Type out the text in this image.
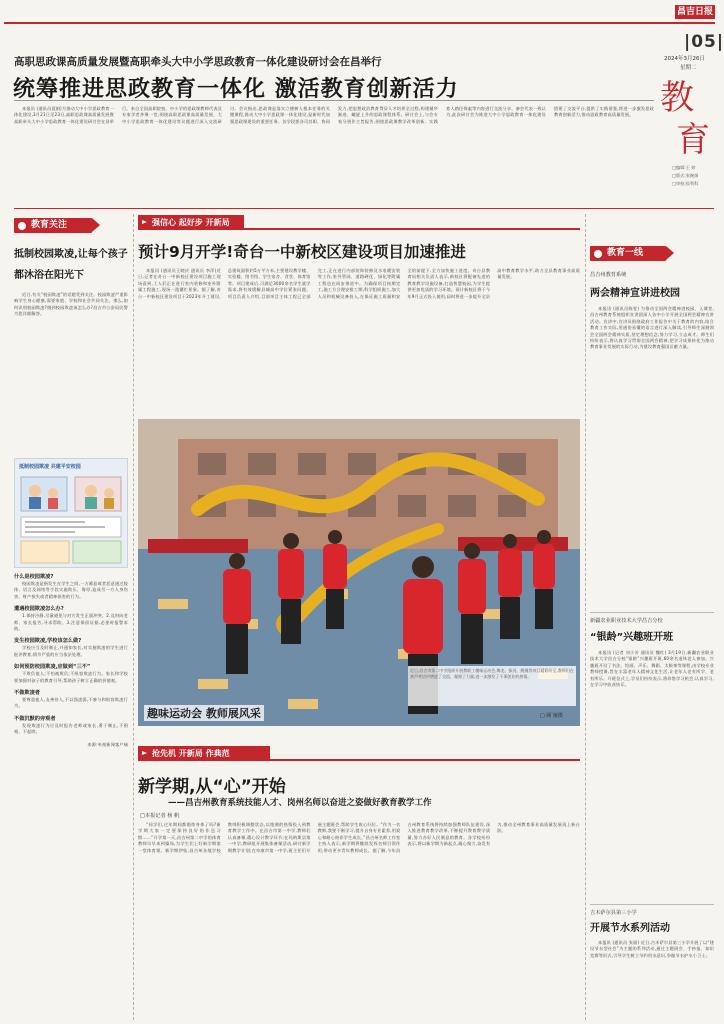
昌吉日报
|05|
2024年3月26日
星期二
教
育
□编辑:王 婷
□版式:张婉娟
□审校:侯利科
高职思政课高质量发展暨高职牵头大中小学思政教育一体化建设研讨会在昌举行
统筹推进思政教育一体化 激活教育创新活力
本报讯 (通讯员聂娟)为推动大中小学思政教育一体化建设,3月21日至23日,高职思政课高质量发展暨高职牵头大中小学思政教育一体化建设研讨会在昌举行。来自全国高职院校、中小学的思政课教师代表及专家学者齐聚一堂,围绕高职思政课高质量发展、大中小学思政教育一体化建设等议题进行深入交流研讨。会议指出,思政课是落实立德树人根本任务的关键课程,推动大中小学思政课一体化建设,是新时代加强思政课建设的重要任务。各学段要各司其职、协同发力,把思想政治教育贯穿人才培养全过程,构建循序渐进、螺旋上升的思政课程体系。研讨会上,与会专家分别作主旨报告,围绕思政课教学改革创新、实践育人路径探索等内容进行交流分享。参会代表一致认为,此次研讨会为推进大中小学思政教育一体化建设搭建了交流平台,提供了实践借鉴,将进一步激发思政教育创新活力,推动思政教育高质量发展。
教育关注
抵制校园欺凌,让每个孩子都沐浴在阳光下
近日,有关“校园欺凌”的话题受到关注。校园欺凌严重影响学生身心健康,需要家庭、学校和社会共同关注。那么,如何识别校园欺凌?遇到校园欺凌该怎么办?昌吉市公安局民警为您详细解答。
抵制校园欺凌 共建平安校园
什么是校园欺凌?
校园欺凌是指发生在学生之间,一方蓄意或者恶意通过肢体、语言及网络等手段实施欺压、侮辱,造成另一方人身伤害、财产损失或者精神损害的行为。
遭遇校园欺凌怎么办?
1.保持冷静,尽量避免与对方发生正面冲突。2.及时向老师、家长报告,寻求帮助。3.注意保留证据,必要时报警求助。
发生校园欺凌,学校该怎么做?
学校应当及时制止,并通知家长,对实施欺凌的学生进行批评教育,情节严重的应当依法处理。
如何预防校园欺凌,应做到“三不”
不欺负他人;不怕被欺负;不纵容欺凌行为。家长和学校要加强对孩子的教育引导,帮助孩子树立正确的价值观。
不做欺凌者
要尊重他人,友善待人,不以强凌弱,不参与和纵容欺凌行为。
不做沉默的旁观者
发现欺凌行为应及时报告老师或家长,勇于制止,不围观、不起哄。
来源:央视新闻客户端
强信心 起好步 开新局
预计9月开学!奇台一中新校区建设项目加速推进
本报讯 (通讯员王晓庆 通讯员 李萍)近日,记者在奇台一中新校区建设项目施工现场看到,工人们正在进行室内装修和室外附属工程施工,现场一派繁忙景象。据了解,奇台一中新校区建设项目于2023年开工建设,总建筑面积约5万平方米,主要建设教学楼、实验楼、图书馆、学生宿舍、食堂、体育馆等。项目建成后,可满足3000余名学生就学需求,将有效缓解县城高中学位紧张问题。项目负责人介绍,目前项目主体工程已全部完工,正在进行内部装饰装修及水电暖安装等工作,室外管网、道路硬化、绿化等附属工程也在同步推进中。为确保项目按期完工,施工方合理安排工期,科学组织施工,加大人员和机械设备投入,在保证施工质量和安全的前提下,全力加快施工进度。奇台县教育局相关负责人表示,新校区将配备先进的教育教学设施设备,打造智慧校园,为学生提供更加优质的学习环境。预计新校区将于今年9月正式投入使用,届时将进一步提升全县高中教育教学水平,助力全县教育事业高质量发展。
趣味运动会 教师展风采
近日,昌吉市第二中学组织开展教职工趣味运动会,舞龙、拔河、跳绳等项目精彩纷呈,教师们在欢声笑语中增进了交流、凝聚了力量,进一步激发了干事创业的热情。
□ 顾 娅摄
抢先机 开新局 作典范
新学期,从“心”开始
——昌吉州教育系统技能人才、岗州名师以奋进之姿做好教育教学工作
□本报记者 杨 帆
“同学们,过年期间都锻炼身体了吗?新学期大家一定要保持良好的作息习惯……”开学第一天,昌吉州第二中学的体育教师早早来到操场,为学生们上好新学期第一堂体育课。新学期伊始,昌吉州各地学校教师积极调整状态,以饱满的热情投入到教育教学工作中。在昌吉市第一中学,教师们认真备课,精心设计教学环节;在玛纳斯县第一中学,教研组开展集体备课活动,研讨新学期教学计划;在阜康市第一中学,班主任们开展主题班会,帮助学生收心归位。“作为一名教师,我要不断学习,提升自身专业素养,用爱心和耐心陪伴学生成长。”昌吉州名师工作室主持人表示,新学期将继续发挥名师引领作用,带动更多青年教师成长。据了解,今年昌吉州教育系统将持续加强教师队伍建设,深入推进教育教学改革,不断提升教育教学质量,努力办好人民满意的教育。各学校纷纷表示,将以新学期为新起点,凝心聚力,奋发有为,推动全州教育事业高质量发展再上新台阶。
教育一线
昌吉州教育系统
两会精神宣讲进校园
本报讯 (通讯员陈雯) 为推动全国两会精神进校园、入课堂,昌吉州教育系统组织宣讲团深入各中小学开展全国两会精神宣讲活动。宣讲中,宣讲员围绕政府工作报告中关于教育的内容,结合教育工作实际,用通俗易懂的语言进行深入解读,引导师生深刻领会全国两会精神实质,坚定理想信念,努力学习,立志成才。师生们纷纷表示,将认真学习贯彻全国两会精神,把学习成果转化为推动教育事业发展的实际行动,为建设教育强国贡献力量。
新疆农业职业技术大学昌吉分校
“银龄”兴趣班开班
本报讯 (记者 刘小芳 通讯员 魏红) 3月19日,新疆农业职业技术大学昌吉分校“银龄”兴趣班开班,60余名退休老人参加。兴趣班开设了书法、绘画、声乐、舞蹈、太极拳等课程,由学校专业教师授课,旨在丰富老年人精神文化生活,让老年人老有所学、老有所乐。开班仪式上,学员们纷纷表示,将珍惜学习机会,认真学习,在学习中收获快乐。
吉木萨尔县第三小学
开展节水系列活动
本报讯 (通讯员 张丽) 近日,吉木萨尔县第三小学开展了以“建设节水型社会”为主题的系列活动,通过主题班会、手抄报、知识竞赛等形式,引导学生树立节约用水意识,争做节水护水小卫士。
